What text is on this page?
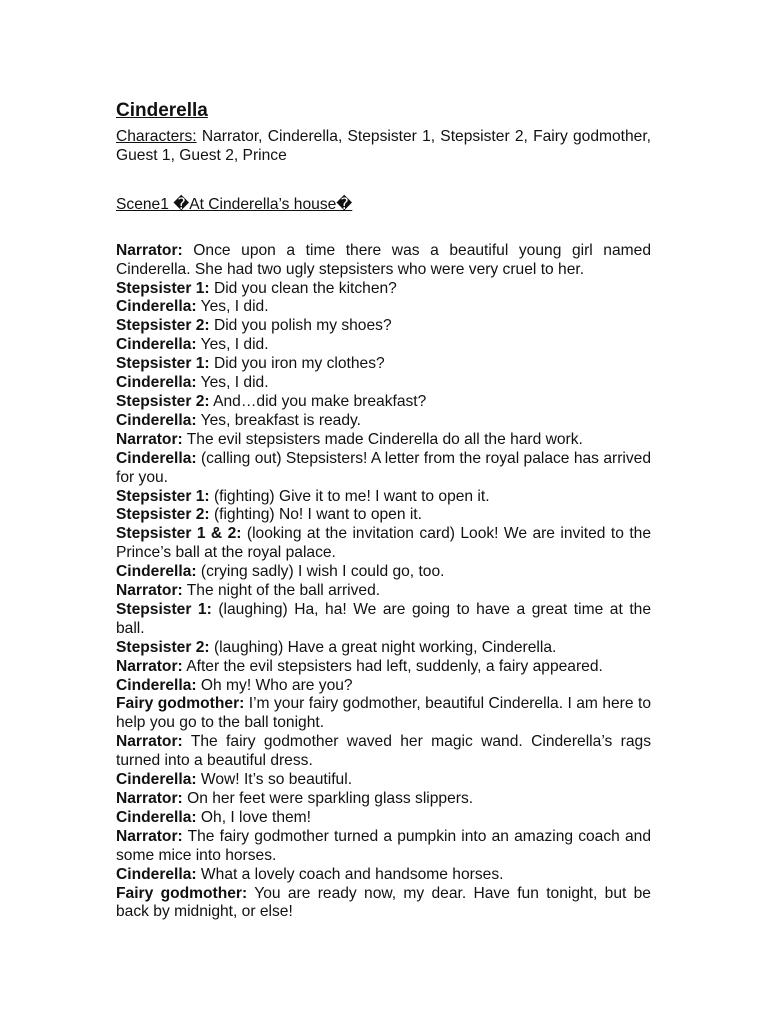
Cinderella

Characters: Narrator, Cinderella, Stepsister 1, Stepsister 2, Fairy godmother, Guest 1, Guest 2, Prince

Scene1 �At Cinderella’s house�

Narrator: Once upon a time there was a beautiful young girl named Cinderella. She had two ugly stepsisters who were very cruel to her.

Stepsister 1: Did you clean the kitchen?

Cinderella: Yes, I did.

Stepsister 2: Did you polish my shoes?

Cinderella: Yes, I did.

Stepsister 1: Did you iron my clothes?

Cinderella: Yes, I did.

Stepsister 2: And…did you make breakfast?

Cinderella: Yes, breakfast is ready.

Narrator: The evil stepsisters made Cinderella do all the hard work.

Cinderella: (calling out) Stepsisters! A letter from the royal palace has arrived for you.

Stepsister 1: (fighting) Give it to me! I want to open it.

Stepsister 2: (fighting) No! I want to open it.

Stepsister 1 & 2: (looking at the invitation card) Look! We are invited to the Prince’s ball at the royal palace.

Cinderella: (crying sadly) I wish I could go, too.

Narrator: The night of the ball arrived.

Stepsister 1: (laughing) Ha, ha! We are going to have a great time at the ball.

Stepsister 2: (laughing) Have a great night working, Cinderella.

Narrator: After the evil stepsisters had left, suddenly, a fairy appeared.

Cinderella: Oh my! Who are you?

Fairy godmother: I’m your fairy godmother, beautiful Cinderella. I am here to help you go to the ball tonight.

Narrator: The fairy godmother waved her magic wand. Cinderella’s rags turned into a beautiful dress.

Cinderella: Wow! It’s so beautiful.

Narrator: On her feet were sparkling glass slippers.

Cinderella: Oh, I love them!

Narrator: The fairy godmother turned a pumpkin into an amazing coach and some mice into horses.

Cinderella: What a lovely coach and handsome horses.

Fairy godmother: You are ready now, my dear. Have fun tonight, but be back by midnight, or else!
